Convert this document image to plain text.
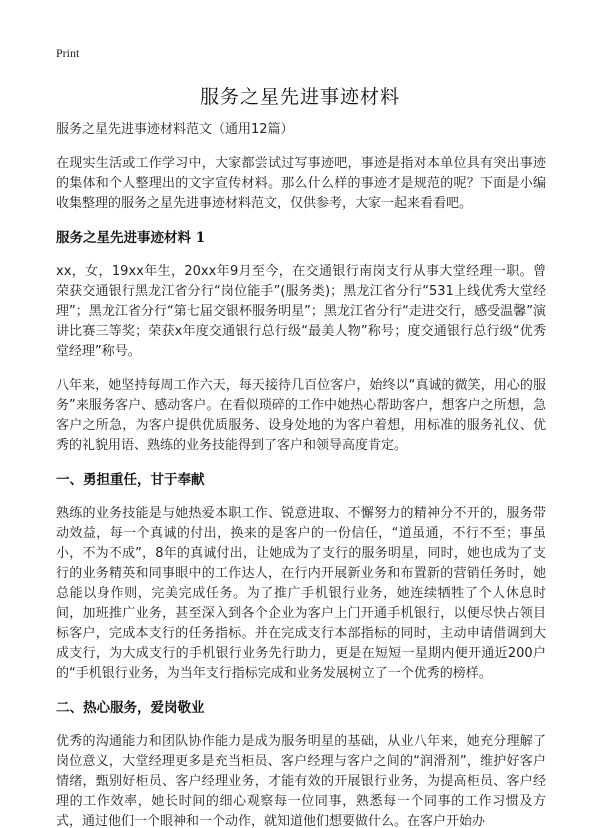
Print
服务之星先进事迹材料
服务之星先进事迹材料范文（通用12篇）

在现实生活或工作学习中，大家都尝试过写事迹吧，事迹是指对本单位具有突出事迹的集体和个人整理出的文字宣传材料。那么什么样的事迹才是规范的呢？下面是小编收集整理的服务之星先进事迹材料范文，仅供参考，大家一起来看看吧。

服务之星先进事迹材料 1

xx，女，19xx年生，20xx年9月至今，在交通银行南岗支行从事大堂经理一职。曾荣获交通银行黑龙江省分行“岗位能手”(服务类)；黑龙江省分行“531上线优秀大堂经理”；黑龙江省分行“第七届交银杯服务明星”；黑龙江省分行“走进交行，感受温馨”演讲比赛三等奖；荣获x年度交通银行总行级“最美人物”称号；度交通银行总行级“优秀堂经理”称号。

八年来，她坚持每周工作六天，每天接待几百位客户，始终以“真诚的微笑，用心的服务”来服务客户、感动客户。在看似琐碎的工作中她热心帮助客户，想客户之所想，急客户之所急，为客户提供优质服务、设身处地的为客户着想，用标准的服务礼仪、优秀的礼貌用语、熟练的业务技能得到了客户和领导高度肯定。

一、勇担重任，甘于奉献

熟练的业务技能是与她热爱本职工作、锐意进取、不懈努力的精神分不开的，服务带动效益，每一个真诚的付出，换来的是客户的一份信任，“道虽通，不行不至；事虽小，不为不成”，8年的真诚付出，让她成为了支行的服务明星，同时，她也成为了支行的业务精英和同事眼中的工作达人，在行内开展新业务和布置新的营销任务时，她总能以身作则，完美完成任务。为了推广手机银行业务，她连续牺牲了个人休息时间，加班推广业务，甚至深入到各个企业为客户上门开通手机银行，以便尽快占领目标客户，完成本支行的任务指标。并在完成支行本部指标的同时，主动申请借调到大成支行，为大成支行的手机银行业务先行助力，更是在短短一星期内便开通近200户的“手机银行业务，为当年支行指标完成和业务发展树立了一个优秀的榜样。

二、热心服务，爱岗敬业

优秀的沟通能力和团队协作能力是成为服务明星的基础，从业八年来，她充分理解了岗位意义，大堂经理更多是充当柜员、客户经理与客户之间的“润滑剂”，维护好客户情绪，甄别好柜员、客户经理业务，才能有效的开展银行业务，为提高柜员、客户经理的工作效率，她长时间的细心观察每一位同事，熟悉每一个同事的工作习惯及方式，通过他们一个眼神和一个动作，就知道他们想要做什么。在客户开始办
